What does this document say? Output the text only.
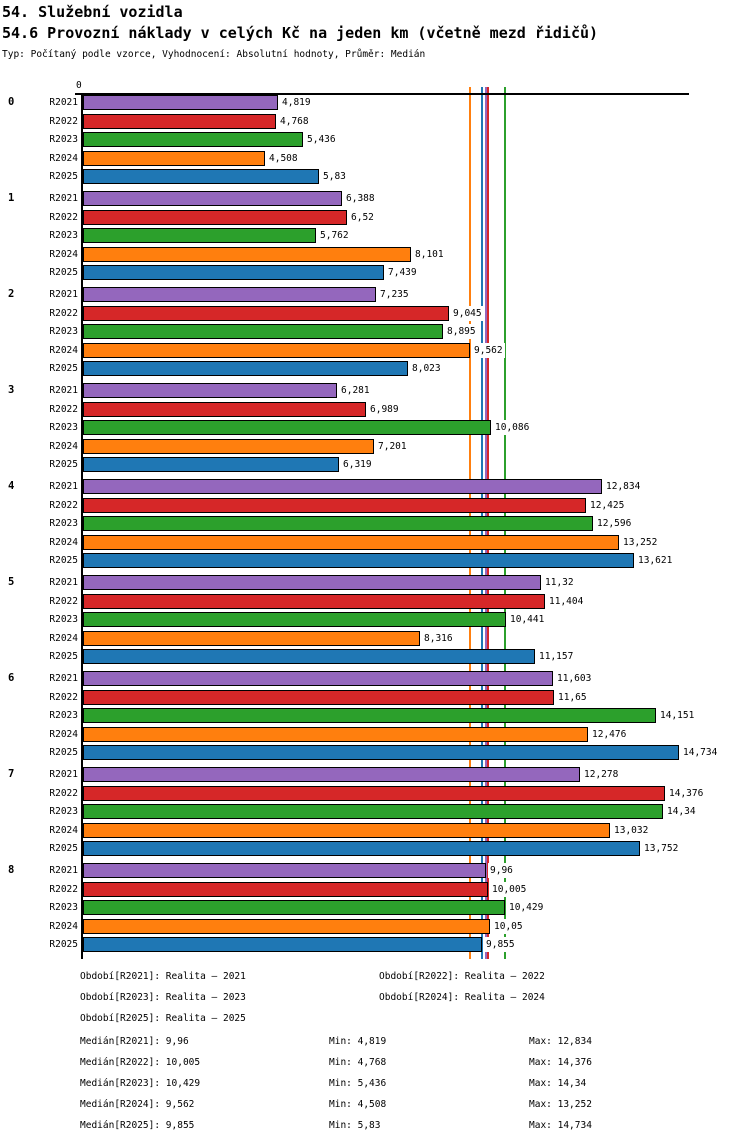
54. Služební vozidla
54.6 Provozní náklady v celých Kč na jeden km (včetně mezd řidičů)
Typ: Počítaný podle vzorce, Vyhodnocení: Absolutní hodnoty, Průměr: Medián
0
0	R2021	4,819
R2022	4,768
R2023	5,436
R2024	4,508
R2025	5,83
1	R2021	6,388
R2022	6,52
R2023	5,762
R2024	8,101
R2025	7,439
2	R2021	7,235
R2022	9,045
R2023	8,895
R2024	9,562
R2025	8,023
3	R2021	6,281
R2022	6,989
R2023	10,086
R2024	7,201
R2025	6,319
4	R2021	12,834
R2022	12,425
R2023	12,596
R2024	13,252
R2025	13,621
5	R2021	11,32
R2022	11,404
R2023	10,441
R2024	8,316
R2025	11,157
6	R2021	11,603
R2022	11,65
R2023	14,151
R2024	12,476
R2025	14,734
7	R2021	12,278
R2022	14,376
R2023	14,34
R2024	13,032
R2025	13,752
8	R2021	9,96
R2022	10,005
R2023	10,429
R2024	10,05
R2025	9,855
Období[R2021]: Realita – 2021	Období[R2022]: Realita – 2022
Období[R2023]: Realita – 2023	Období[R2024]: Realita – 2024
Období[R2025]: Realita – 2025
Medián[R2021]: 9,96	Min: 4,819	Max: 12,834
Medián[R2022]: 10,005	Min: 4,768	Max: 14,376
Medián[R2023]: 10,429	Min: 5,436	Max: 14,34
Medián[R2024]: 9,562	Min: 4,508	Max: 13,252
Medián[R2025]: 9,855	Min: 5,83	Max: 14,734
